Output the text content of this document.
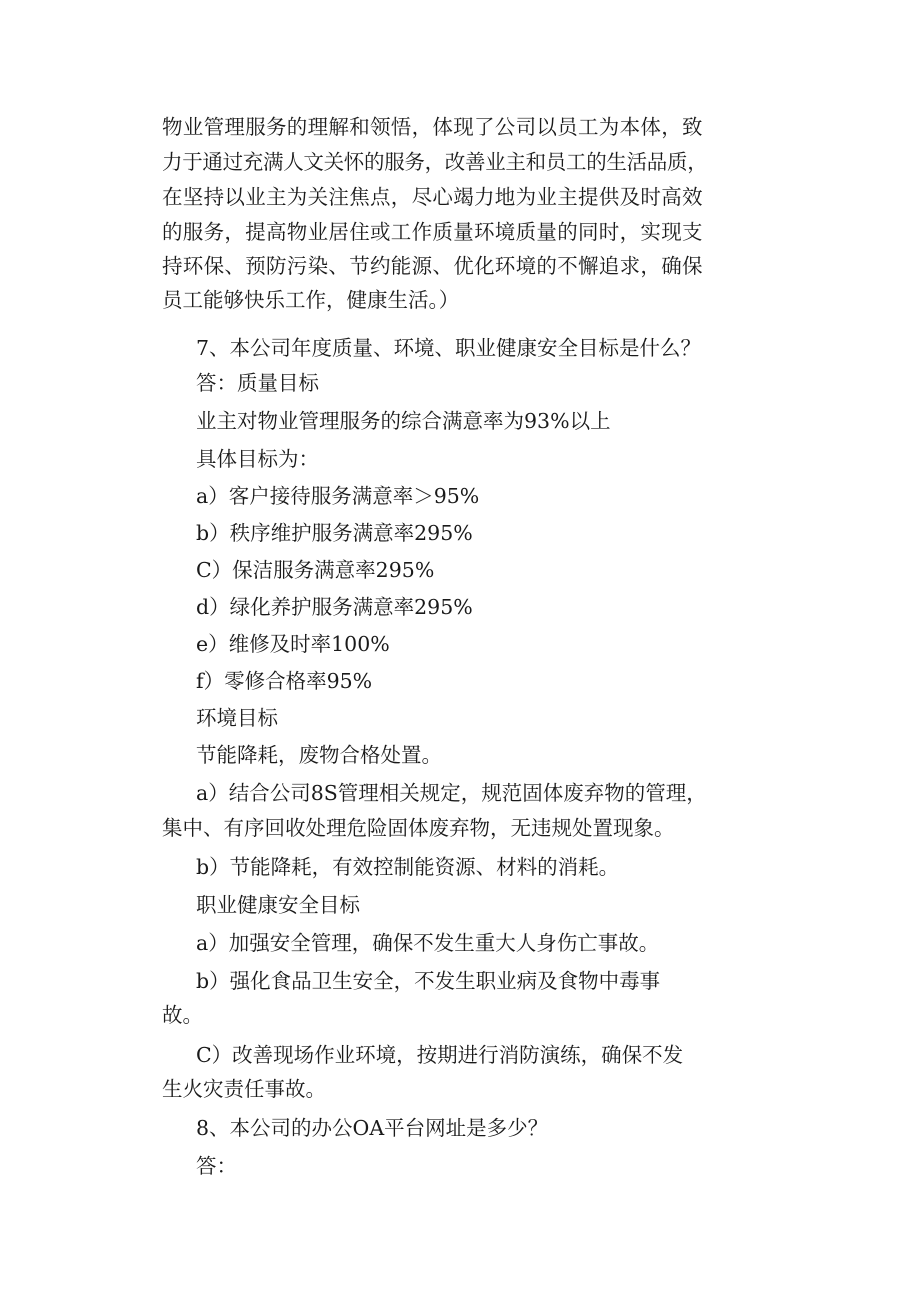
物业管理服务的理解和领悟，体现了公司以员工为本体，致
力于通过充满人文关怀的服务，改善业主和员工的生活品质，
在坚持以业主为关注焦点，尽心竭力地为业主提供及时高效
的服务，提高物业居住或工作质量环境质量的同时，实现支
持环保、预防污染、节约能源、优化环境的不懈追求，确保
员工能够快乐工作，健康生活。）
7、本公司年度质量、环境、职业健康安全目标是什么？
答：质量目标
业主对物业管理服务的综合满意率为93%以上
具体目标为：
a）客户接待服务满意率＞95%
b）秩序维护服务满意率295%
C）保洁服务满意率295%
d）绿化养护服务满意率295%
e）维修及时率100%
f）零修合格率95%
环境目标
节能降耗，废物合格处置。
a）结合公司8S管理相关规定，规范固体废弃物的管理，
集中、有序回收处理危险固体废弃物，无违规处置现象。
b）节能降耗，有效控制能资源、材料的消耗。
职业健康安全目标
a）加强安全管理，确保不发生重大人身伤亡事故。
b）强化食品卫生安全，不发生职业病及食物中毒事
故。
C）改善现场作业环境，按期进行消防演练，确保不发
生火灾责任事故。
8、本公司的办公OA平台网址是多少？
答：
